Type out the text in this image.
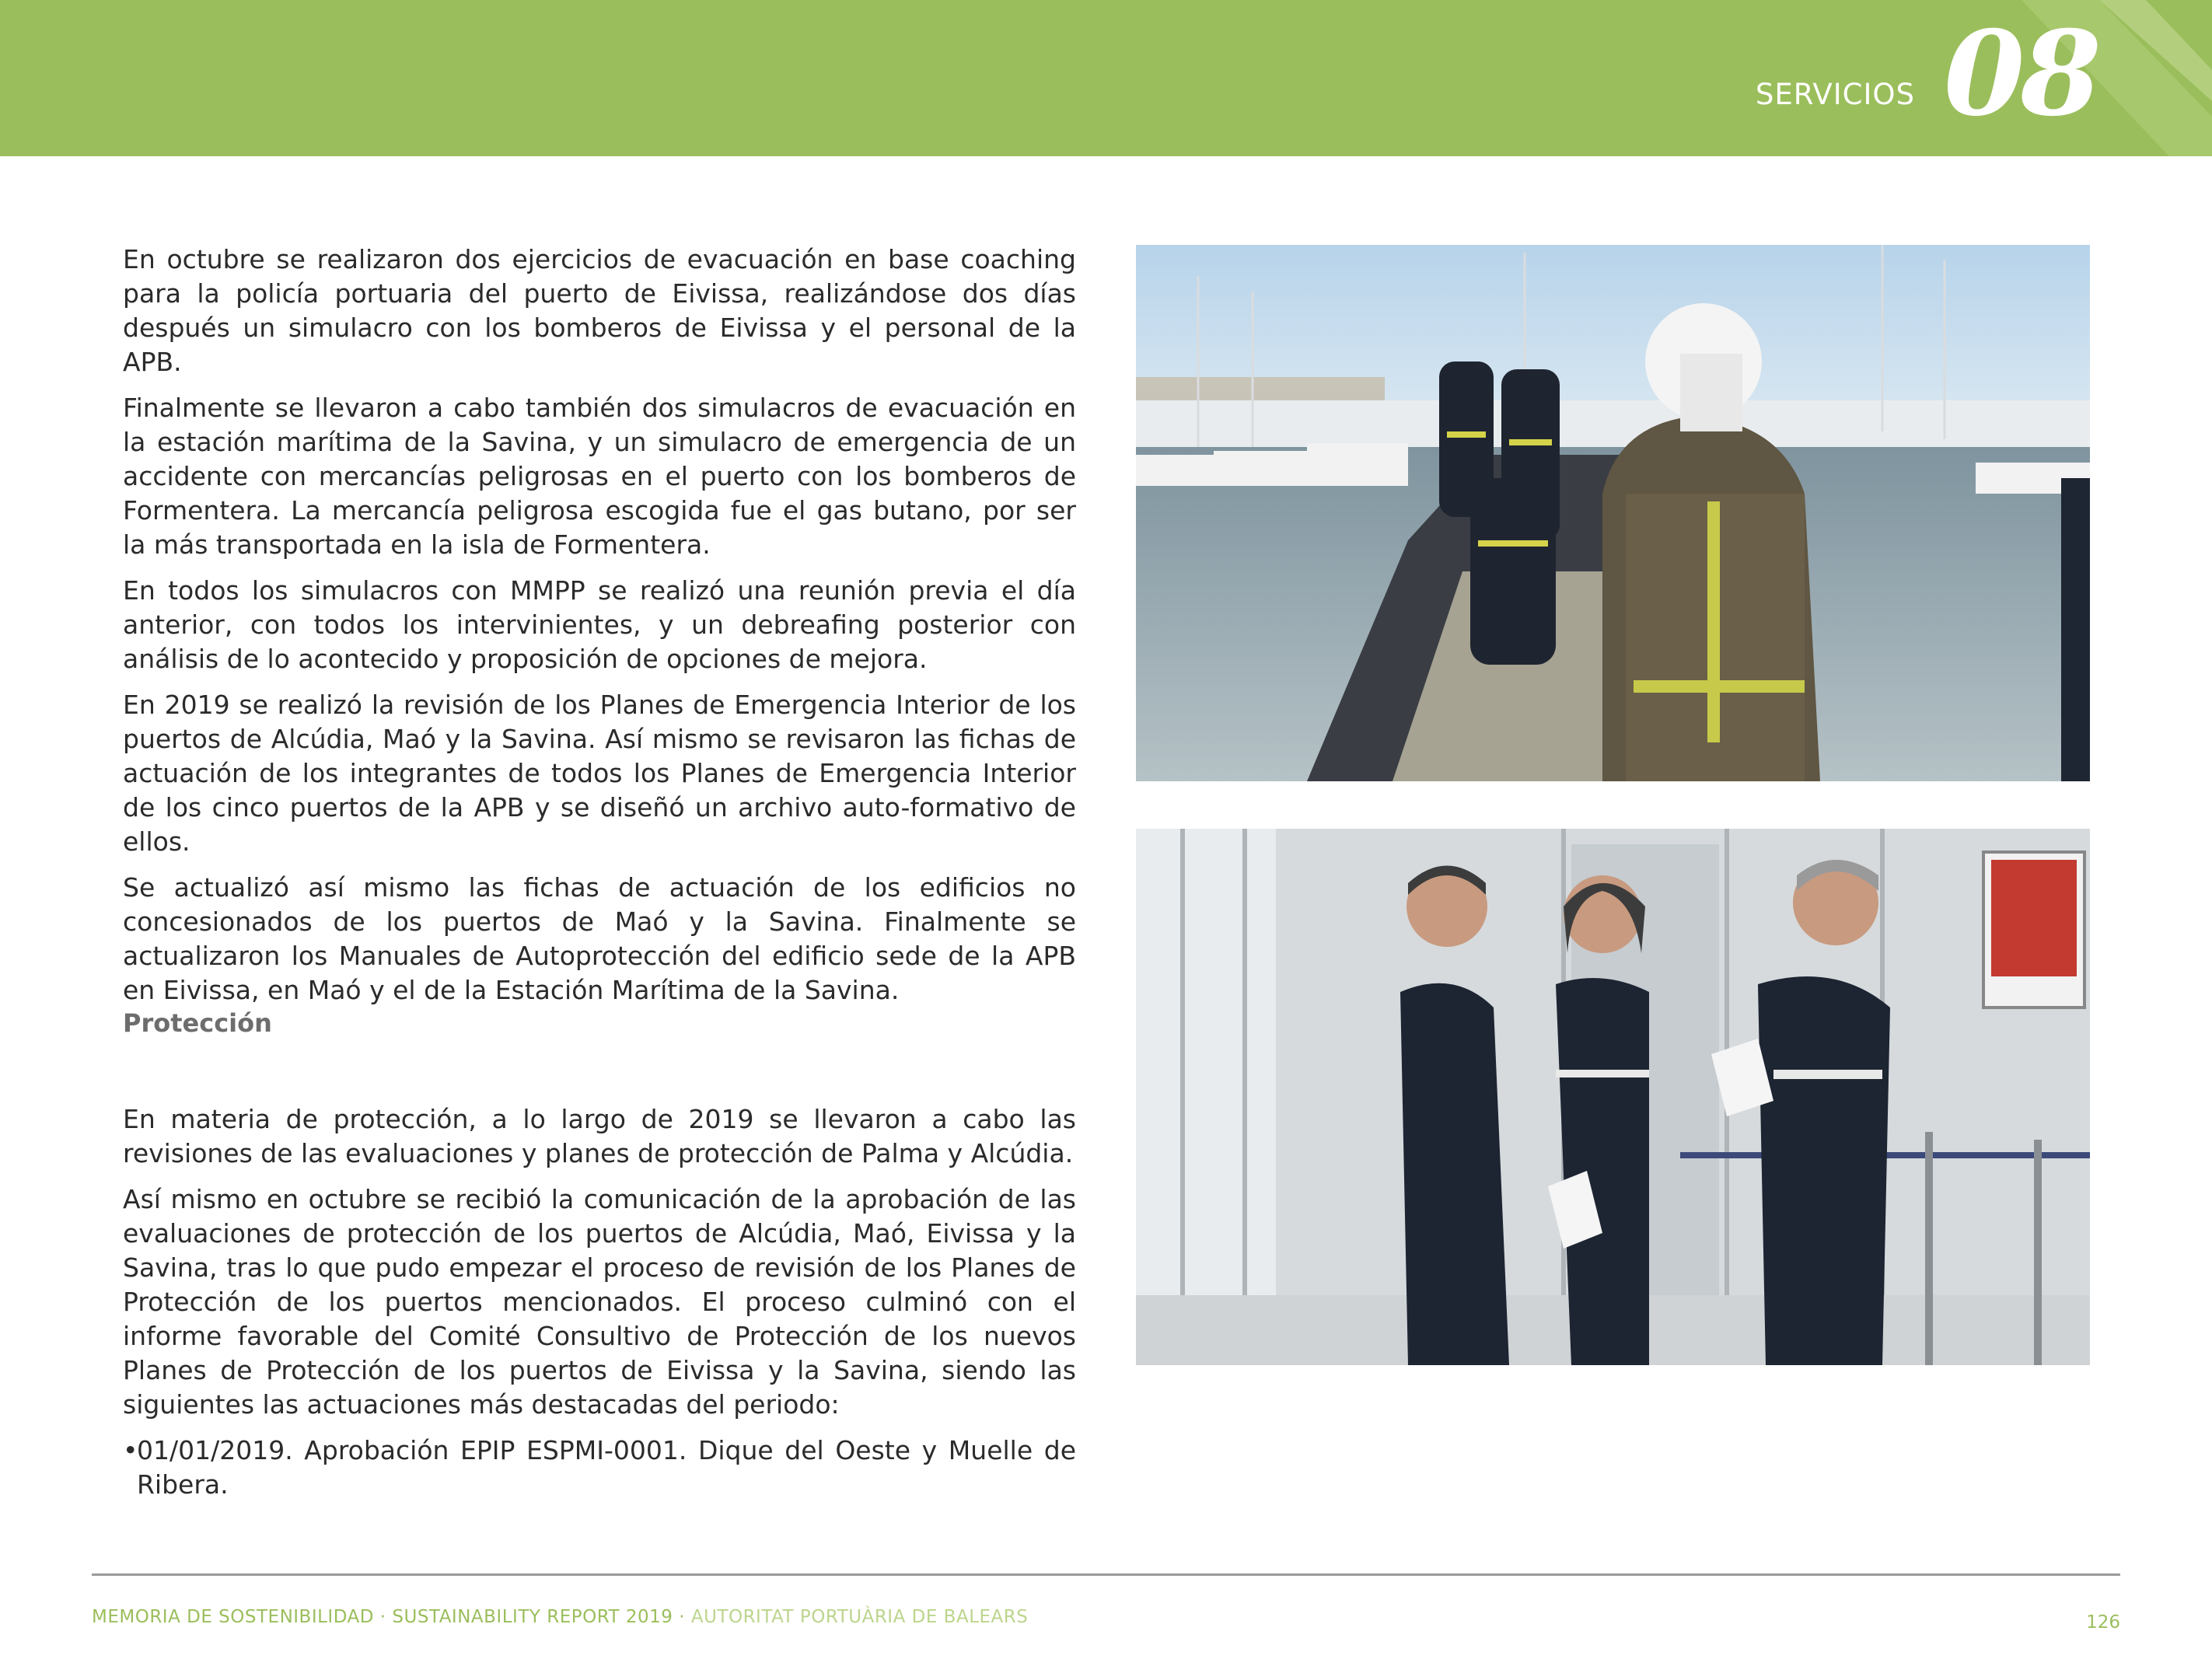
SERVICIOS 08

En octubre se realizaron dos ejercicios de evacuación en base coaching para la policía portuaria del puerto de Eivissa, realizándose dos días después un simulacro con los bomberos de Eivissa y el personal de la APB.

Finalmente se llevaron a cabo también dos simulacros de evacuación en la estación marítima de la Savina, y un simulacro de emergencia de un accidente con mercancías peligrosas en el puerto con los bomberos de Formentera. La mercancía peligrosa escogida fue el gas butano, por ser la más transportada en la isla de Formentera.

En todos los simulacros con MMPP se realizó una reunión previa el día anterior, con todos los intervinientes, y un debreafing posterior con análisis de lo acontecido y proposición de opciones de mejora.

En 2019 se realizó la revisión de los Planes de Emergencia Interior de los puertos de Alcúdia, Maó y la Savina. Así mismo se revisaron las fichas de actuación de los integrantes de todos los Planes de Emergencia Interior de los cinco puertos de la APB y se diseñó un archivo auto-formativo de ellos.

Se actualizó así mismo las fichas de actuación de los edificios no concesionados de los puertos de Maó y la Savina. Finalmente se actualizaron los Manuales de Autoprotección del edificio sede de la APB en Eivissa, en Maó y el de la Estación Marítima de la Savina.

Protección

En materia de protección, a lo largo de 2019 se llevaron a cabo las revisiones de las evaluaciones y planes de protección de Palma y Alcúdia.

Así mismo en octubre se recibió la comunicación de la aprobación de las evaluaciones de protección de los puertos de Alcúdia, Maó, Eivissa y la Savina, tras lo que pudo empezar el proceso de revisión de los Planes de Protección de los puertos mencionados. El proceso culminó con el informe favorable del Comité Consultivo de Protección de los nuevos Planes de Protección de los puertos de Eivissa y la Savina, siendo las siguientes las actuaciones más destacadas del periodo:

•
01/01/2019. Aprobación EPIP ESPMI-0001. Dique del Oeste y Muelle de Ribera.
MEMORIA DE SOSTENIBILIDAD · SUSTAINABILITY REPORT 2019 · AUTORITAT PORTUÀRIA DE BALEARS	126
